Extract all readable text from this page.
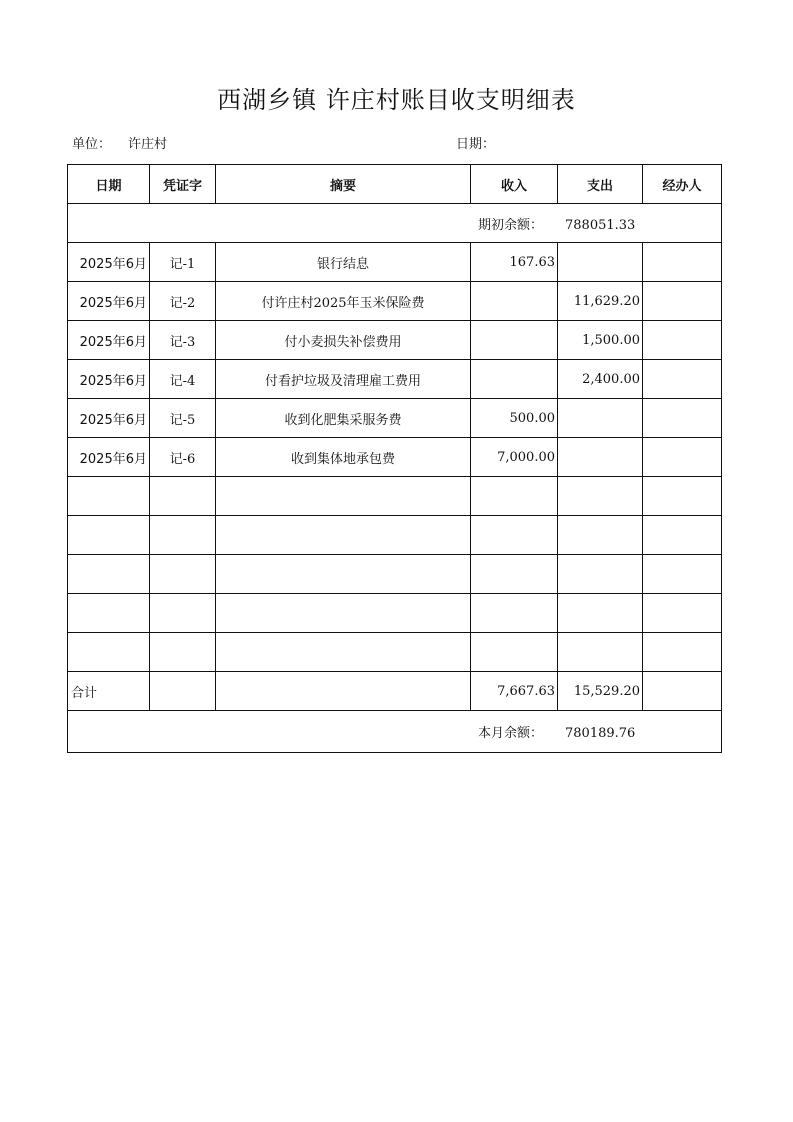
西湖乡镇 许庄村账目收支明细表
单位： 许庄村	日期：
日期	凭证字	摘要	收入	支出	经办人
期初余额： 788051.33					
2025年6月	记-1	银行结息	167.63		
2025年6月	记-2	付许庄村2025年玉米保险费		11,629.20	
2025年6月	记-3	付小麦损失补偿费用		1,500.00	
2025年6月	记-4	付看护垃圾及清理雇工费用		2,400.00	
2025年6月	记-5	收到化肥集采服务费	500.00		
2025年6月	记-6	收到集体地承包费	7,000.00		

合计			7,667.63	15,529.20	
本月余额： 780189.76					
